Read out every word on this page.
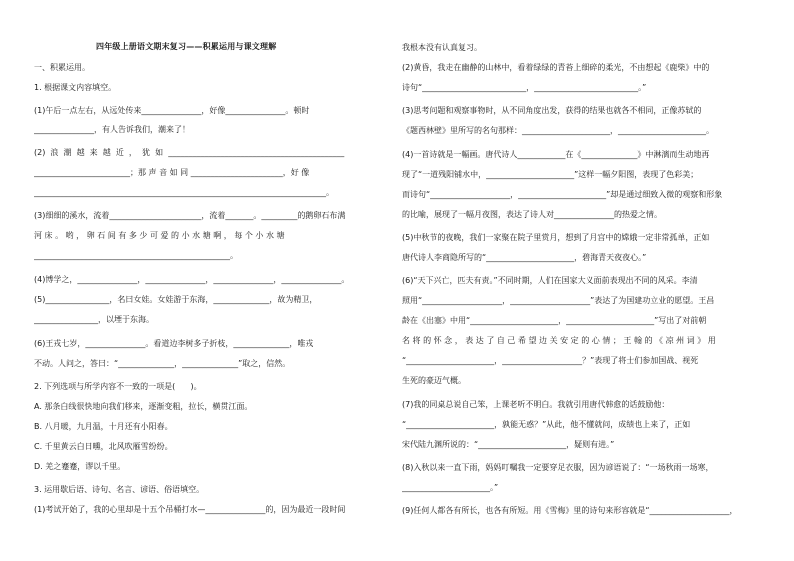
四年级上册语文期末复习——积累运用与课文理解
一、积累运用。
1. 根据课文内容填空。
(1)午后一点左右，从远处传来_______________，好像_______________。顿时
_______________，有人告诉我们，潮来了！
(2)  浪  潮  越  来  越  近  ，  犹  如  ____________________________________________
________________________；那 声 音 如 同 _______________________，好 像
_________________________________________________________________________。
(3)细细的溪水，流着_______________________，流着_______。_________的鹅卵石布满
河 床 。 哟 ， 卵 石 间 有 多 少 可 爱 的 小 水 塘 啊 ， 每 个 小 水 塘
_________________________________________________。
(4)博学之，_______________，_______________，_______________，_______________。
(5)________________，名曰女娃。女娃游于东海，______________，故为精卫，
________________，以堙于东海。
(6)王戎七岁，_______________。看道边李树多子折枝，______________，唯戎
不动。人问之，答曰：“______________，______________”取之，信然。
2. 下列选项与所学内容不一致的一项是(      )。
A. 那条白线很快地向我们移来，逐渐变粗，拉长，横贯江面。
B. 八月暖，九月温，十月还有小阳春。
C. 千里黄云白日曛，北风吹雁雪纷纷。
D. 羌之蹇蹇，谬以千里。
3. 运用歇后语、诗句、名言、谚语、俗语填空。
(1)考试开始了，我的心里却是十五个吊桶打水—_______________的，因为最近一段时间
我根本没有认真复习。
(2)黄昏，我走在幽静的山林中，看着绿绿的青苔上细碎的柔光，不由想起《鹿柴》中的
诗句“__________________________，__________________________。”
(3)思考问题和观察事物时，从不同角度出发，获得的结果也就各不相同，正像苏轼的
《题西林壁》里所写的名句那样：______________________，______________________。
(4)一首诗就是一幅画。唐代诗人____________在《______________》中淋漓而生动地再
现了“一道残阳铺水中，______________________”这样一幅夕阳图，表现了色彩美；
而诗句“____________________，______________________”却是通过细致入微的观察和形象
的比喻，展现了一幅月夜图，表达了诗人对_______________的热爱之情。
(5)中秋节的夜晚，我们一家聚在院子里赏月，想到了月宫中的嫦娥一定非常孤单，正如
唐代诗人李商隐所写的“______________________，碧海青天夜夜心。”
(6)“天下兴亡，匹夫有责。”不同时期，人们在国家大义面前表现出不同的风采。李清
照用“____________________，____________________”表达了为国建功立业的愿望。王昌
龄在《出塞》中用“______________________，______________________”写出了对前朝
名 将 的 怀 念 ， 表 达 了 自 己 希 望 边 关 安 定 的 心 情 ； 王 翰 的 《 凉 州 词 》 用
“______________________，____________________？”表现了将士们参加国战、视死
生死的豪迈气概。
(7)我的同桌总说自己笨，上课老听不明白。我就引用唐代韩愈的话鼓励他：
“______________________，孰能无惑？”从此，他不懂就问，成绩也上来了，正如
宋代陆九渊所说的：“______________________，疑则有进。”
(8)入秋以来一直下雨，妈妈叮嘱我一定要穿足衣服，因为谚语说了：“一场秋雨一场寒，
______________________。”
(9)任何人都各有所长，也各有所短。用《雪梅》里的诗句来形容就是“____________________，
